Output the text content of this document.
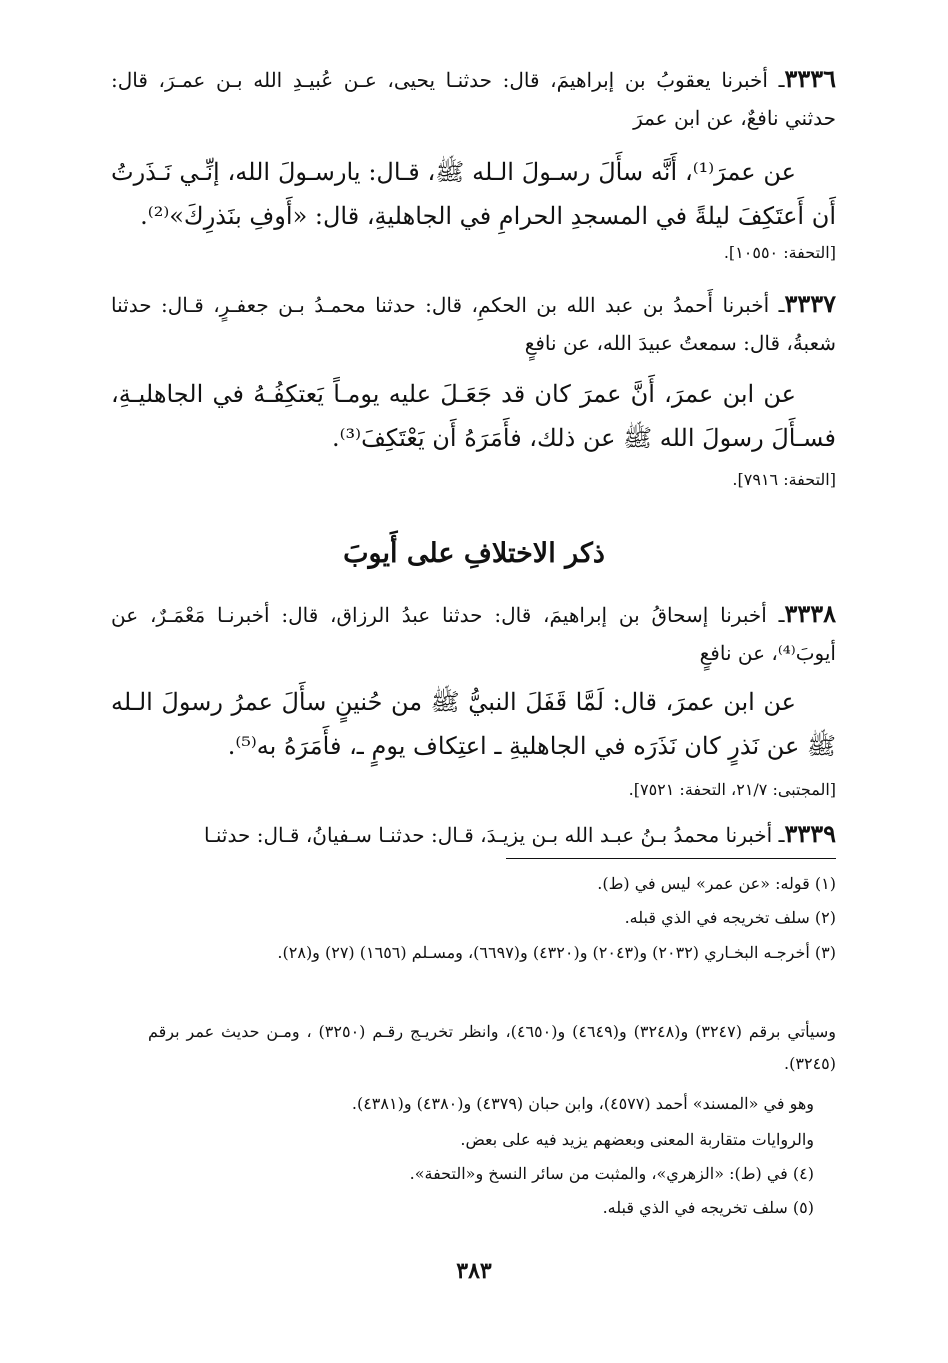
٣٣٣٦ـ أخبرنا يعقوبُ بن إبراهيمَ، قال: حدثنـا يحيى، عـن عُبيـدِ الله بـن عمـرَ، قال: حدثني نافعٌ، عن ابن عمرَ
عن عمرَ⁽¹⁾، أَنَّه سأَلَ رسـولَ الـله ﷺ، قـال: يارسـولَ الله، إنِّـي نَـذَرتُ أَن أَعتَكِفَ ليلةً في المسجدِ الحرامِ في الجاهليةِ، قال: «أَوفِ بنَذرِكَ»⁽²⁾.
[التحفة: ١٠٥٥٠].
٣٣٣٧ـ أخبرنا أَحمدُ بن عبد الله بن الحكمِ، قال: حدثنا محمـدُ بـن جعفـرٍ، قـال: حدثنا شعبةُ، قال: سمعتُ عبيدَ الله، عن نافعٍ
عن ابن عمرَ، أَنَّ عمرَ كان قد جَعَـلَ عليه يومـاً يَعتكِفُـهُ في الجاهليـةِ، فسـأَلَ رسولَ الله ﷺ عن ذلك، فأَمَرَهُ أَن يَعْتَكِفَ⁽³⁾.
[التحفة: ٧٩١٦].
ذكر الاختلافِ على أَيوبَ
٣٣٣٨ـ أخبرنا إسحاقُ بن إبراهيمَ، قال: حدثنا عبدُ الرزاق، قال: أخبرنـا مَعْمَـرٌ، عن أيوبَ⁽⁴⁾، عن نافعٍ
عن ابن عمرَ، قال: لَمَّا قَفَلَ النبيُّ ﷺ من حُنينٍ سأَلَ عمرُ رسولَ الـله ﷺ عن نَذرٍ كان نَذَرَه في الجاهليةِ ـ اعتِكاف يومٍ ـ، فأَمَرَهُ به⁽⁵⁾.
[المجتبى: ٢١/٧، التحفة: ٧٥٢١].
٣٣٣٩ـ أخبرنا محمدُ بـنُ عبـد الله بـن يزيـدَ، قـال: حدثنـا سـفيانُ، قـال: حدثنـا
(١) قوله: «عن عمر» ليس في (ط).
(٢) سلف تخريجه في الذي قبله.
(٣) أخرجـه البخـاري (٢٠٣٢) و(٢٠٤٣) و(٤٣٢٠) و(٦٦٩٧)، ومسـلم (١٦٥٦) (٢٧) و(٢٨).
وسيأتي برقم (٣٢٤٧) و(٣٢٤٨) و(٤٦٤٩) و(٤٦٥٠)، وانظر تخريـج رقـم (٣٢٥٠) ، ومـن حديث عمر برقم (٣٢٤٥).
وهو في «المسند» أحمد (٤٥٧٧)، وابن حبان (٤٣٧٩) و(٤٣٨٠) و(٤٣٨١).
والروايات متقاربة المعنى وبعضهم يزيد فيه على بعض.
(٤) في (ط): «الزهري»، والمثبت من سائر النسخ و«التحفة».
(٥) سلف تخريجه في الذي قبله.
٣٨٣
